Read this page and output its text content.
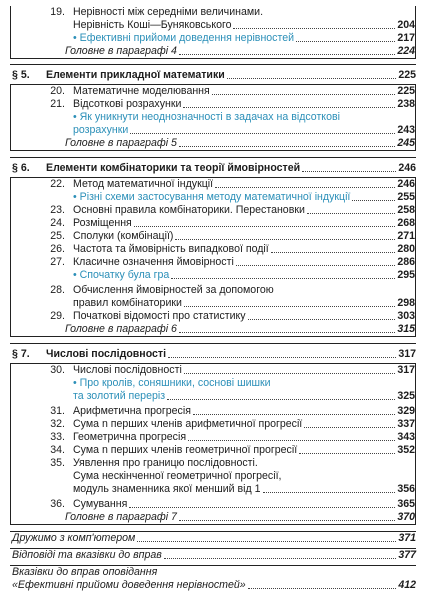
19. Нерівності між середніми величинами.
Нерівність Коші—Буняковського	204
• Ефективні прийоми доведення нерівностей	217
Головне в параграфі 4	224
§ 5.	Елементи прикладної математики	225
20. Математичне моделювання	225
21. Відсоткові розрахунки	238
• Як уникнути неоднозначності в задачах на відсоткові
розрахунки	243
Головне в параграфі 5	245
§ 6.	Елементи комбінаторики та теорії ймовірностей	246
22. Метод математичної індукції	246
• Різні схеми застосування методу математичної індукції	255
23. Основні правила комбінаторики. Перестановки	258
24. Розміщення	268
25. Сполуки (комбінації)	271
26. Частота та ймовірність випадкової події	280
27. Класичне означення ймовірності	286
• Спочатку була гра	295
28. Обчислення ймовірностей за допомогою
правил комбінаторики	298
29. Початкові відомості про статистику	303
Головне в параграфі 6	315
§ 7.	Числові послідовності	317
30. Числові послідовності	317
• Про кролів, соняшники, соснові шишки
та золотий переріз	325
31. Арифметична прогресія	329
32. Сума n перших членів арифметичної прогресії	337
33. Геометрична прогресія	343
34. Сума n перших членів геометричної прогресії	352
35. Уявлення про границю послідовності.
Сума нескінченної геометричної прогресії,
модуль знаменника якої менший від 1	356
36. Сумування	365
Головне в параграфі 7	370
Дружимо з комп'ютером	371
Відповіді та вказівки до вправ	377
Вказівки до вправ оповідання
«Ефективні прийоми доведення нерівностей»	412
